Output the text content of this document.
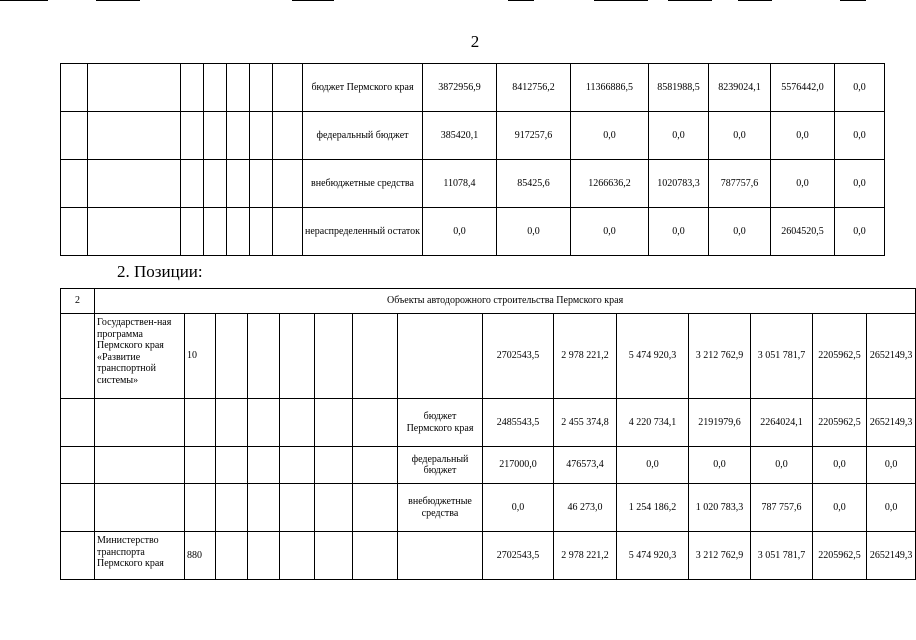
2
							бюджет Пермского края	3872956,9	8412756,2	11366886,5	8581988,5	8239024,1	5576442,0	0,0
							федеральный бюджет	385420,1	917257,6	0,0	0,0	0,0	0,0	0,0
							внебюджетные средства	11078,4	85425,6	1266636,2	1020783,3	787757,6	0,0	0,0
							нераспределенный остаток	0,0	0,0	0,0	0,0	0,0	2604520,5	0,0
2. Позиции:
2	Объекты автодорожного строительства Пермского края														
	Государствен-ная программа Пермского края «Развитие транспортной системы»	10							2702543,5	2 978 221,2	5 474 920,3	3 212 762,9	3 051 781,7	2205962,5	2652149,3
								бюджет Пермского края	2485543,5	2 455 374,8	4 220 734,1	2191979,6	2264024,1	2205962,5	2652149,3
								федеральный бюджет	217000,0	476573,4	0,0	0,0	0,0	0,0	0,0
								внебюджетные средства	0,0	46 273,0	1 254 186,2	1 020 783,3	787 757,6	0,0	0,0
	Министерство транспорта Пермского края	880							2702543,5	2 978 221,2	5 474 920,3	3 212 762,9	3 051 781,7	2205962,5	2652149,3
